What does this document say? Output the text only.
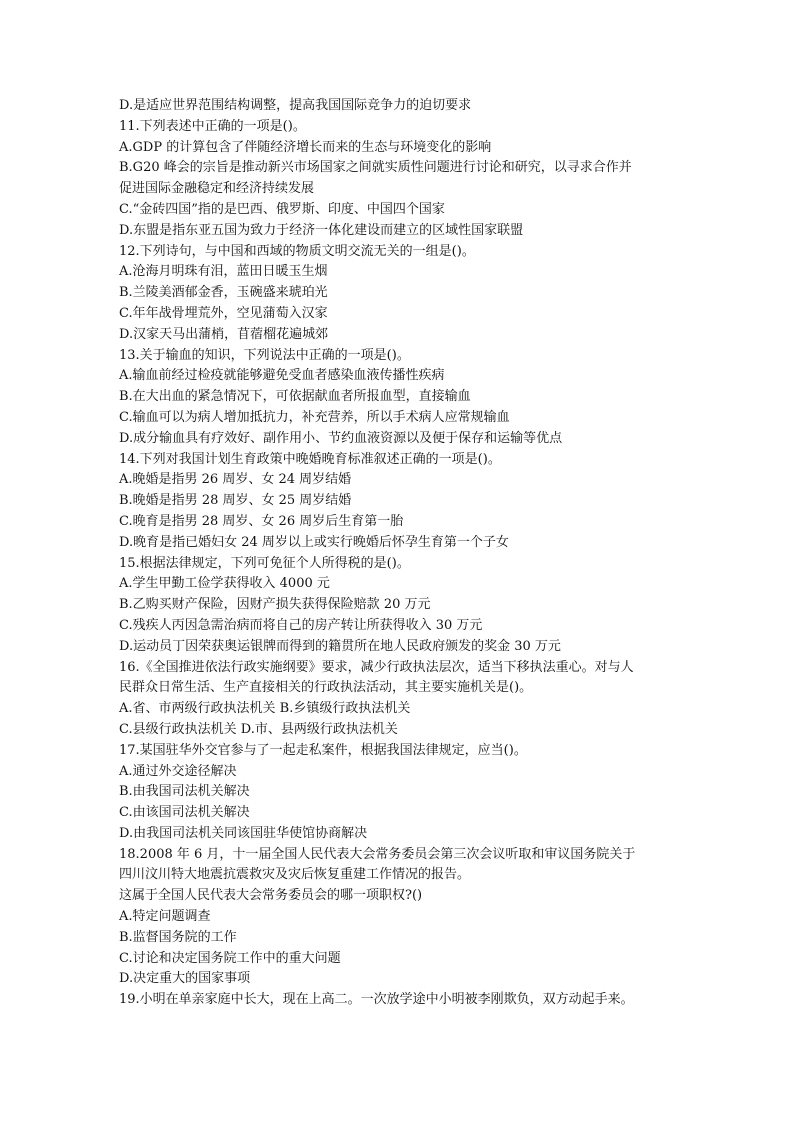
D.是适应世界范围结构调整，提高我国国际竞争力的迫切要求
11.下列表述中正确的一项是()。
A.GDP 的计算包含了伴随经济增长而来的生态与环境变化的影响
B.G20 峰会的宗旨是推动新兴市场国家之间就实质性问题进行讨论和研究，以寻求合作并
促进国际金融稳定和经济持续发展
C.“金砖四国”指的是巴西、俄罗斯、印度、中国四个国家
D.东盟是指东亚五国为致力于经济一体化建设而建立的区域性国家联盟
12.下列诗句，与中国和西域的物质文明交流无关的一组是()。
A.沧海月明珠有泪，蓝田日暖玉生烟
B.兰陵美酒郁金香，玉碗盛来琥珀光
C.年年战骨埋荒外，空见蒲萄入汉家
D.汉家天马出蒲梢，苜蓿榴花遍城郊
13.关于输血的知识，下列说法中正确的一项是()。
A.输血前经过检疫就能够避免受血者感染血液传播性疾病
B.在大出血的紧急情况下，可依据献血者所报血型，直接输血
C.输血可以为病人增加抵抗力，补充营养，所以手术病人应常规输血
D.成分输血具有疗效好、副作用小、节约血液资源以及便于保存和运输等优点
14.下列对我国计划生育政策中晚婚晚育标准叙述正确的一项是()。
A.晚婚是指男 26 周岁、女 24 周岁结婚
B.晚婚是指男 28 周岁、女 25 周岁结婚
C.晚育是指男 28 周岁、女 26 周岁后生育第一胎
D.晚育是指已婚妇女 24 周岁以上或实行晚婚后怀孕生育第一个子女
15.根据法律规定，下列可免征个人所得税的是()。
A.学生甲勤工俭学获得收入 4000 元
B.乙购买财产保险，因财产损失获得保险赔款 20 万元
C.残疾人丙因急需治病而将自己的房产转让所获得收入 30 万元
D.运动员丁因荣获奥运银牌而得到的籍贯所在地人民政府颁发的奖金 30 万元
16.《全国推进依法行政实施纲要》要求，减少行政执法层次，适当下移执法重心。对与人
民群众日常生活、生产直接相关的行政执法活动，其主要实施机关是()。
A.省、市两级行政执法机关 B.乡镇级行政执法机关
C.县级行政执法机关 D.市、县两级行政执法机关
17.某国驻华外交官参与了一起走私案件，根据我国法律规定，应当()。
A.通过外交途径解决
B.由我国司法机关解决
C.由该国司法机关解决
D.由我国司法机关同该国驻华使馆协商解决
18.2008 年 6 月，十一届全国人民代表大会常务委员会第三次会议听取和审议国务院关于
四川汶川特大地震抗震救灾及灾后恢复重建工作情况的报告。
这属于全国人民代表大会常务委员会的哪一项职权?()
A.特定问题调查
B.监督国务院的工作
C.讨论和决定国务院工作中的重大问题
D.决定重大的国家事项
19.小明在单亲家庭中长大，现在上高二。一次放学途中小明被李刚欺负，双方动起手来。
